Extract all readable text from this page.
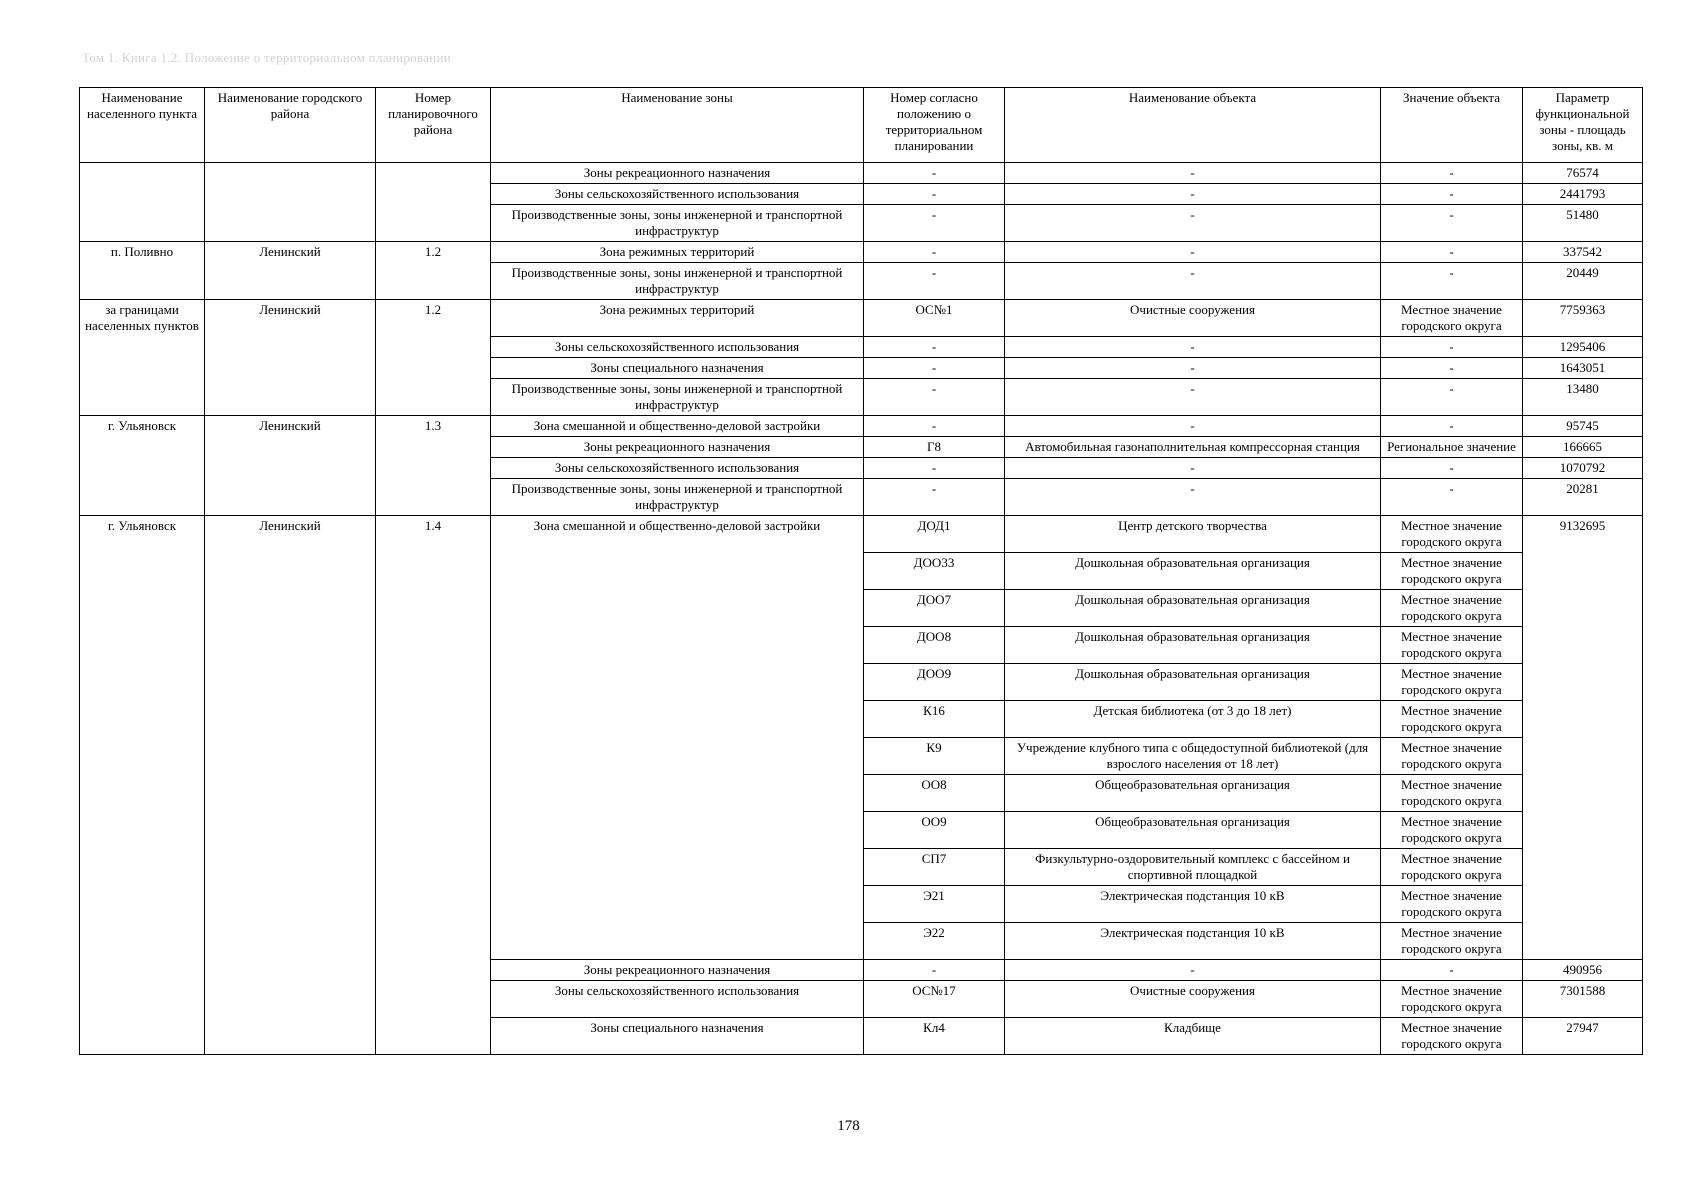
Том 1. Книга 1.2. Положение о территориальном планировании
Наименование населенного пункта	Наименование городского района	Номер планировочного района	Наименование зоны	Номер согласно положению о территориальном планировании	Наименование объекта	Значение объекта	Параметр функциональной зоны - площадь зоны, кв. м
			Зоны рекреационного назначения	-	-	-	76574
			Зоны сельскохозяйственного использования	-	-	-	2441793
			Производственные зоны, зоны инженерной и транспортной инфраструктур	-	-	-	51480
п. Поливно	Ленинский	1.2	Зона режимных территорий	-	-	-	337542
			Производственные зоны, зоны инженерной и транспортной инфраструктур	-	-	-	20449
за границами населенных пунктов	Ленинский	1.2	Зона режимных территорий	ОС№1	Очистные сооружения	Местное значение городского округа	7759363
			Зоны сельскохозяйственного использования	-	-	-	1295406
			Зоны специального назначения	-	-	-	1643051
			Производственные зоны, зоны инженерной и транспортной инфраструктур	-	-	-	13480
г. Ульяновск	Ленинский	1.3	Зона смешанной и общественно-деловой застройки	-	-	-	95745
			Зоны рекреационного назначения	Г8	Автомобильная газонаполнительная компрессорная станция	Региональное значение	166665
			Зоны сельскохозяйственного использования	-	-	-	1070792
			Производственные зоны, зоны инженерной и транспортной инфраструктур	-	-	-	20281
г. Ульяновск	Ленинский	1.4	Зона смешанной и общественно-деловой застройки	ДОД1	Центр детского творчества	Местное значение городского округа	9132695
				ДОО33	Дошкольная образовательная организация	Местное значение городского округа	
				ДОО7	Дошкольная образовательная организация	Местное значение городского округа	
				ДОО8	Дошкольная образовательная организация	Местное значение городского округа	
				ДОО9	Дошкольная образовательная организация	Местное значение городского округа	
				К16	Детская библиотека (от 3 до 18 лет)	Местное значение городского округа	
				К9	Учреждение клубного типа с общедоступной библиотекой (для взрослого населения от 18 лет)	Местное значение городского округа	
				ОО8	Общеобразовательная организация	Местное значение городского округа	
				ОО9	Общеобразовательная организация	Местное значение городского округа	
				СП7	Физкультурно-оздоровительный комплекс с бассейном и спортивной площадкой	Местное значение городского округа	
				Э21	Электрическая подстанция 10 кВ	Местное значение городского округа	
				Э22	Электрическая подстанция 10 кВ	Местное значение городского округа	
			Зоны рекреационного назначения	-	-	-	490956
			Зоны сельскохозяйственного использования	ОС№17	Очистные сооружения	Местное значение городского округа	7301588
			Зоны специального назначения	Кл4	Кладбище	Местное значение городского округа	27947
178
